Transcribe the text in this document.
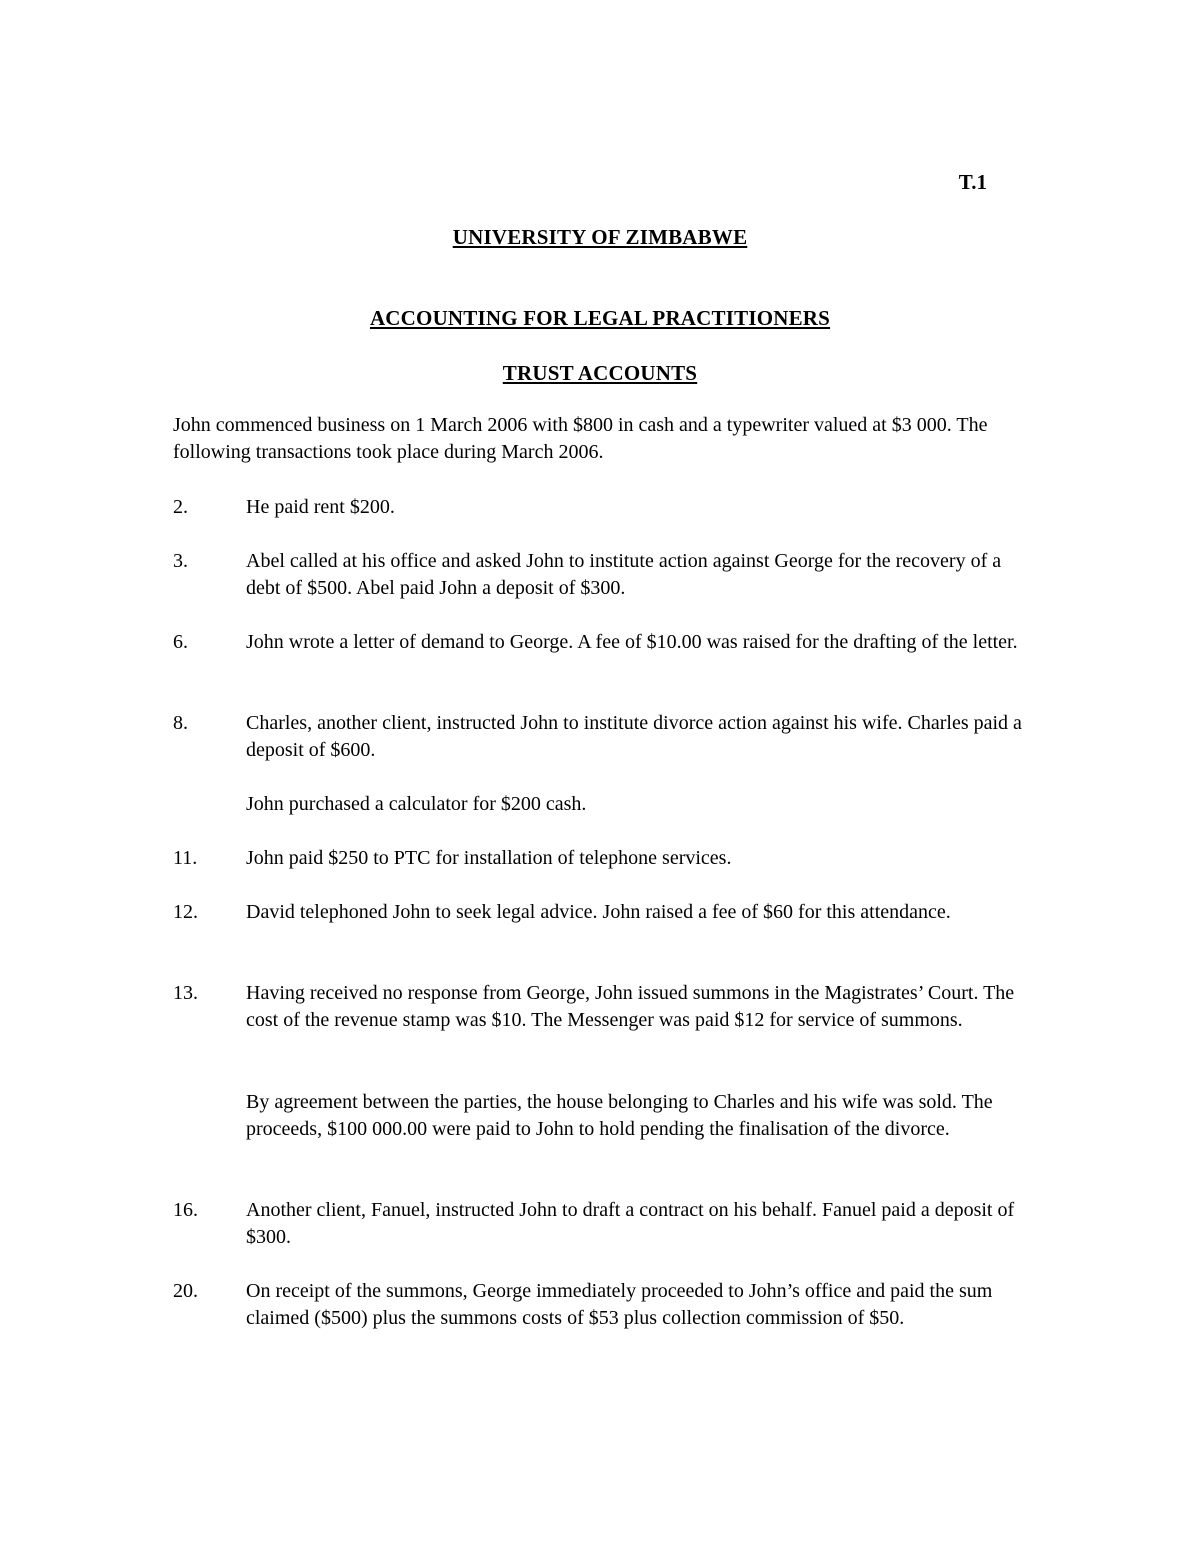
T.1
UNIVERSITY OF ZIMBABWE
ACCOUNTING FOR LEGAL PRACTITIONERS
TRUST ACCOUNTS
John commenced business on 1 March 2006 with $800 in cash and a typewriter valued at $3 000. The following transactions took place during March 2006.
2.	He paid rent $200.
3.	Abel called at his office and asked John to institute action against George for the recovery of a debt of $500. Abel paid John a deposit of $300.
6.	John wrote a letter of demand to George. A fee of $10.00 was raised for the drafting of the letter.
8.	Charles, another client, instructed John to institute divorce action against his wife. Charles paid a deposit of $600.
John purchased a calculator for $200 cash.
11.	John paid $250 to PTC for installation of telephone services.
12.	David telephoned John to seek legal advice. John raised a fee of $60 for this attendance.
13.	Having received no response from George, John issued summons in the Magistrates’ Court. The cost of the revenue stamp was $10. The Messenger was paid $12 for service of summons.
By agreement between the parties, the house belonging to Charles and his wife was sold. The proceeds, $100 000.00 were paid to John to hold pending the finalisation of the divorce.
16.	Another client, Fanuel, instructed John to draft a contract on his behalf. Fanuel paid a deposit of $300.
20.	On receipt of the summons, George immediately proceeded to John’s office and paid the sum claimed ($500) plus the summons costs of $53 plus collection commission of $50.
